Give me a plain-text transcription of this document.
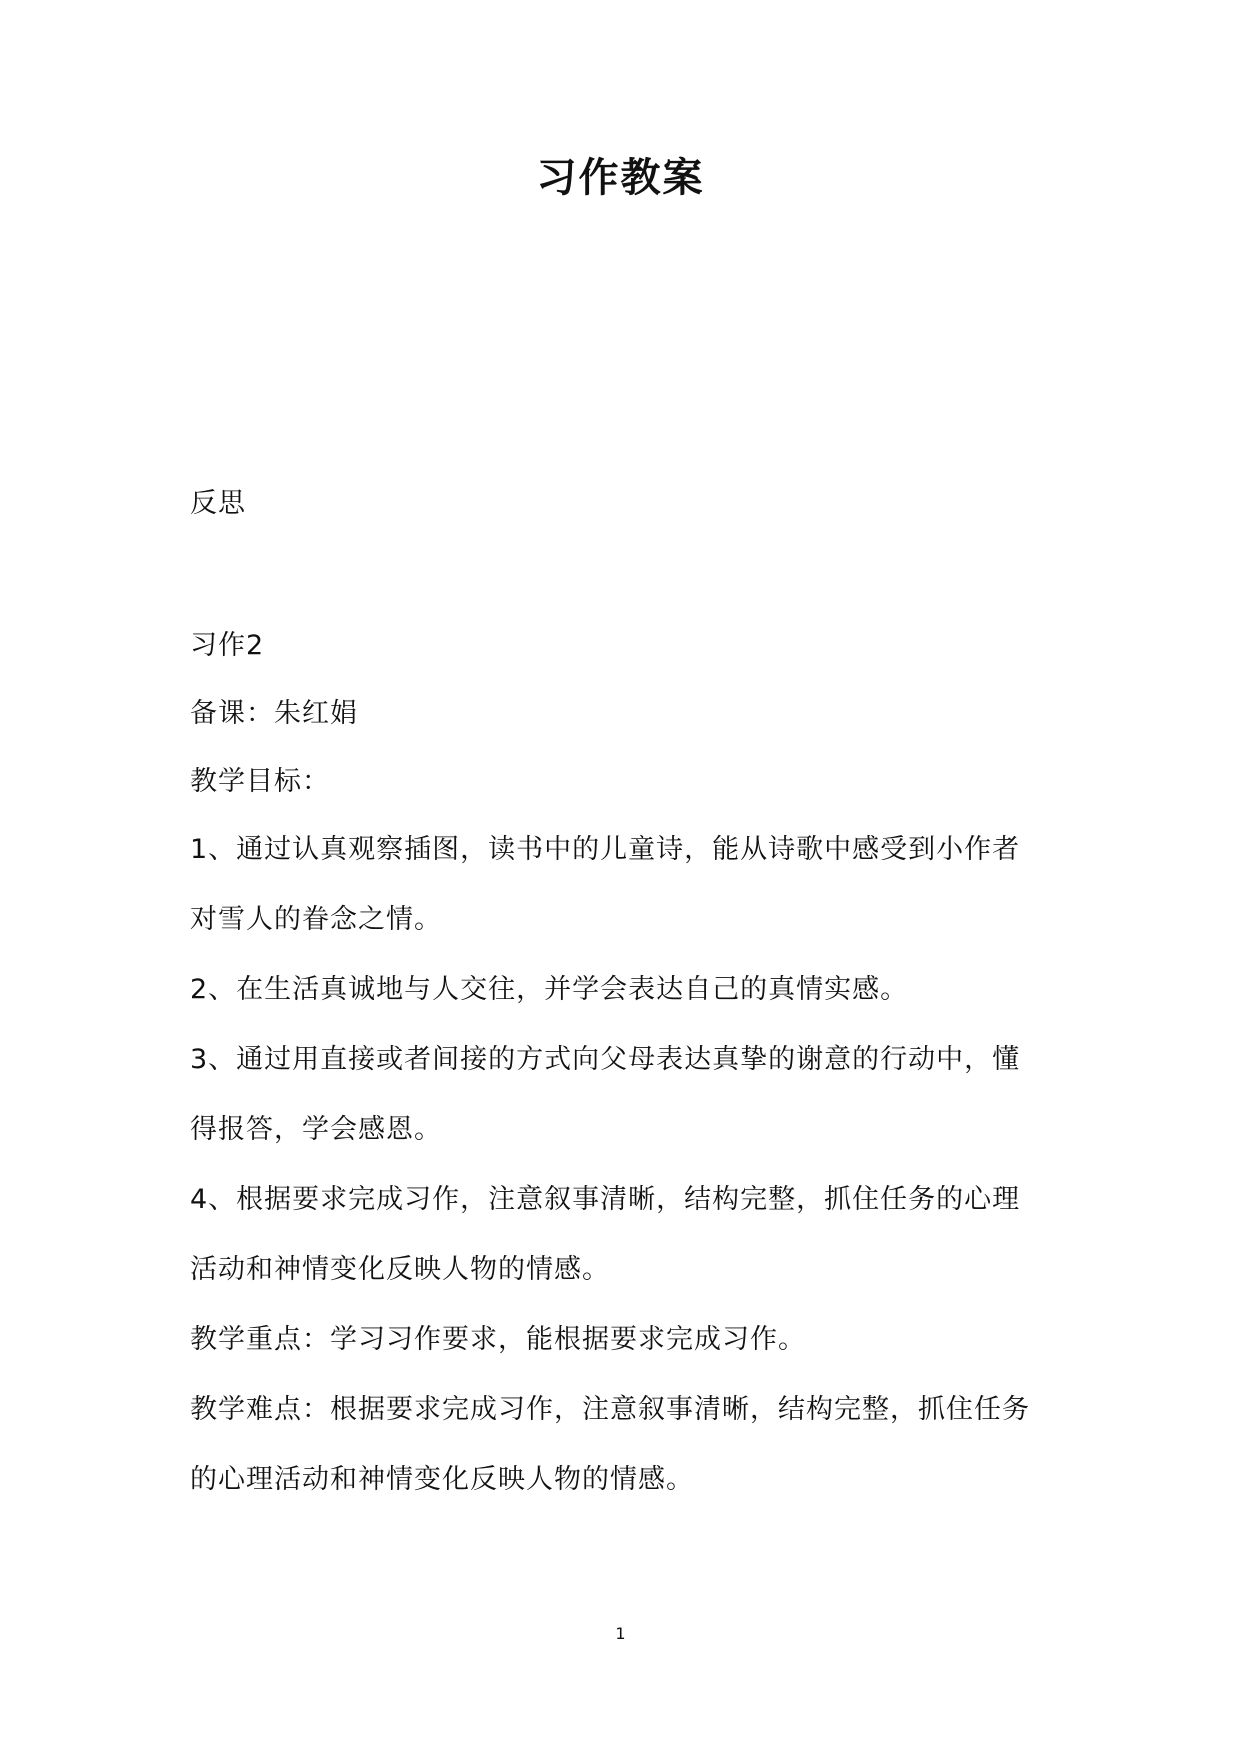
习作教案
反思
习作2
备课：朱红娟
教学目标：
1、通过认真观察插图，读书中的儿童诗，能从诗歌中感受到小作者
对雪人的眷念之情。
2、在生活真诚地与人交往，并学会表达自己的真情实感。
3、通过用直接或者间接的方式向父母表达真挚的谢意的行动中，懂
得报答，学会感恩。
4、根据要求完成习作，注意叙事清晰，结构完整，抓住任务的心理
活动和神情变化反映人物的情感。
教学重点：学习习作要求，能根据要求完成习作。
教学难点：根据要求完成习作，注意叙事清晰，结构完整，抓住任务
的心理活动和神情变化反映人物的情感。
1
